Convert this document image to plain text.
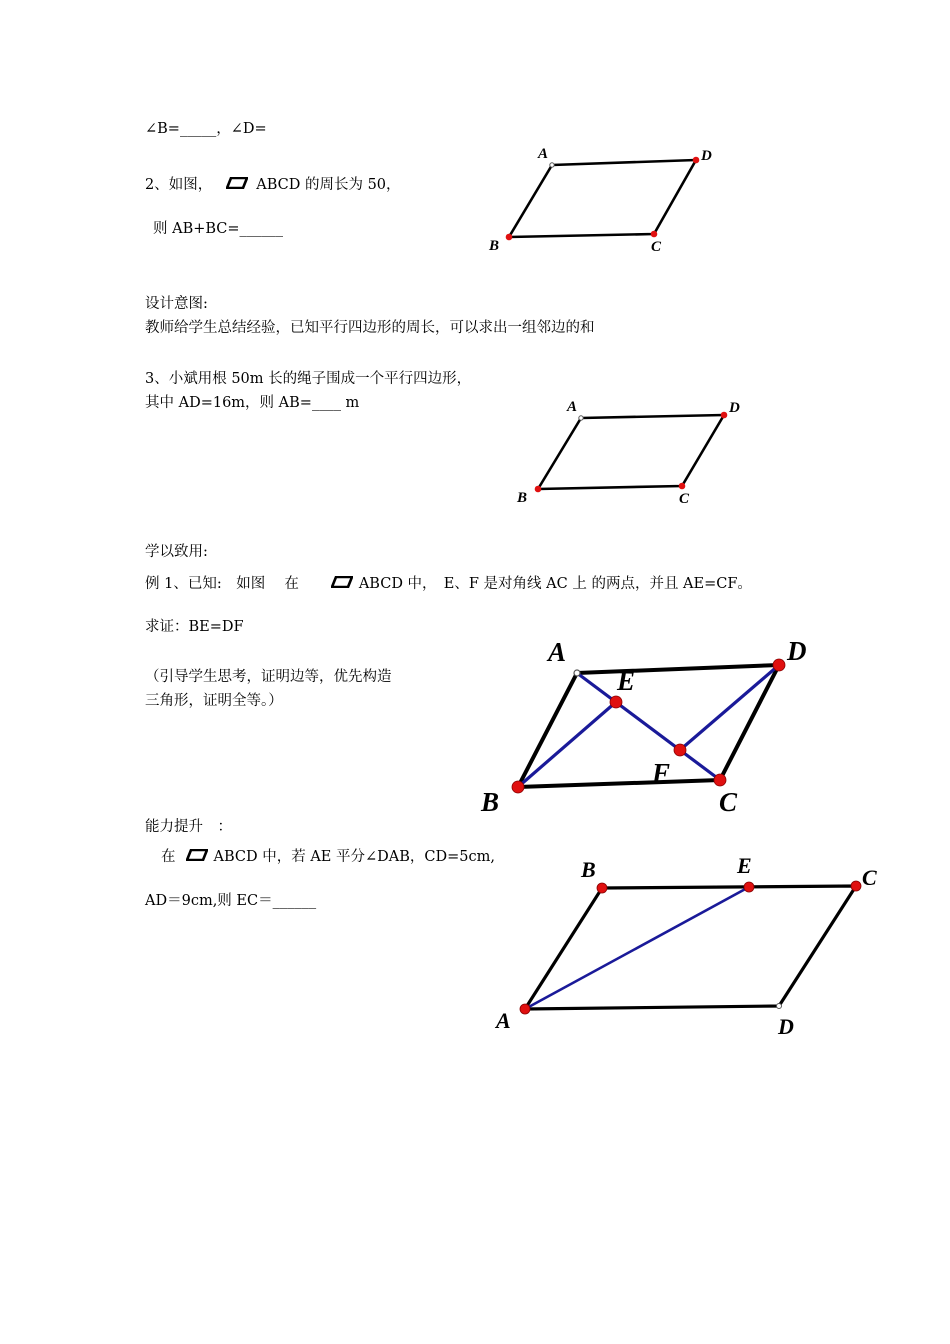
∠B=_____，∠D=
2、如图，	ABCD 的周长为 50，
则 AB+BC=______
设计意图:
教师给学生总结经验，已知平行四边形的周长，可以求出一组邻边的和
3、小斌用根 50m 长的绳子围成一个平行四边形，
其中 AD=16m，则 AB=____ m
学以致用:
例 1、已知:　如图　 在	ABCD 中，　E、F 是对角线 AC 上 的两点，并且 AE=CF。
求证：BE=DF
（引导学生思考，证明边等，优先构造
三角形，证明全等。）
能力提升　：
在	ABCD 中，若 AE 平分∠DAB，CD=5cm,
AD＝9cm,则 EC＝______
A	D
C
B
A	D
C
B
A	D
E
F
B	C
B	E	C
A	D
